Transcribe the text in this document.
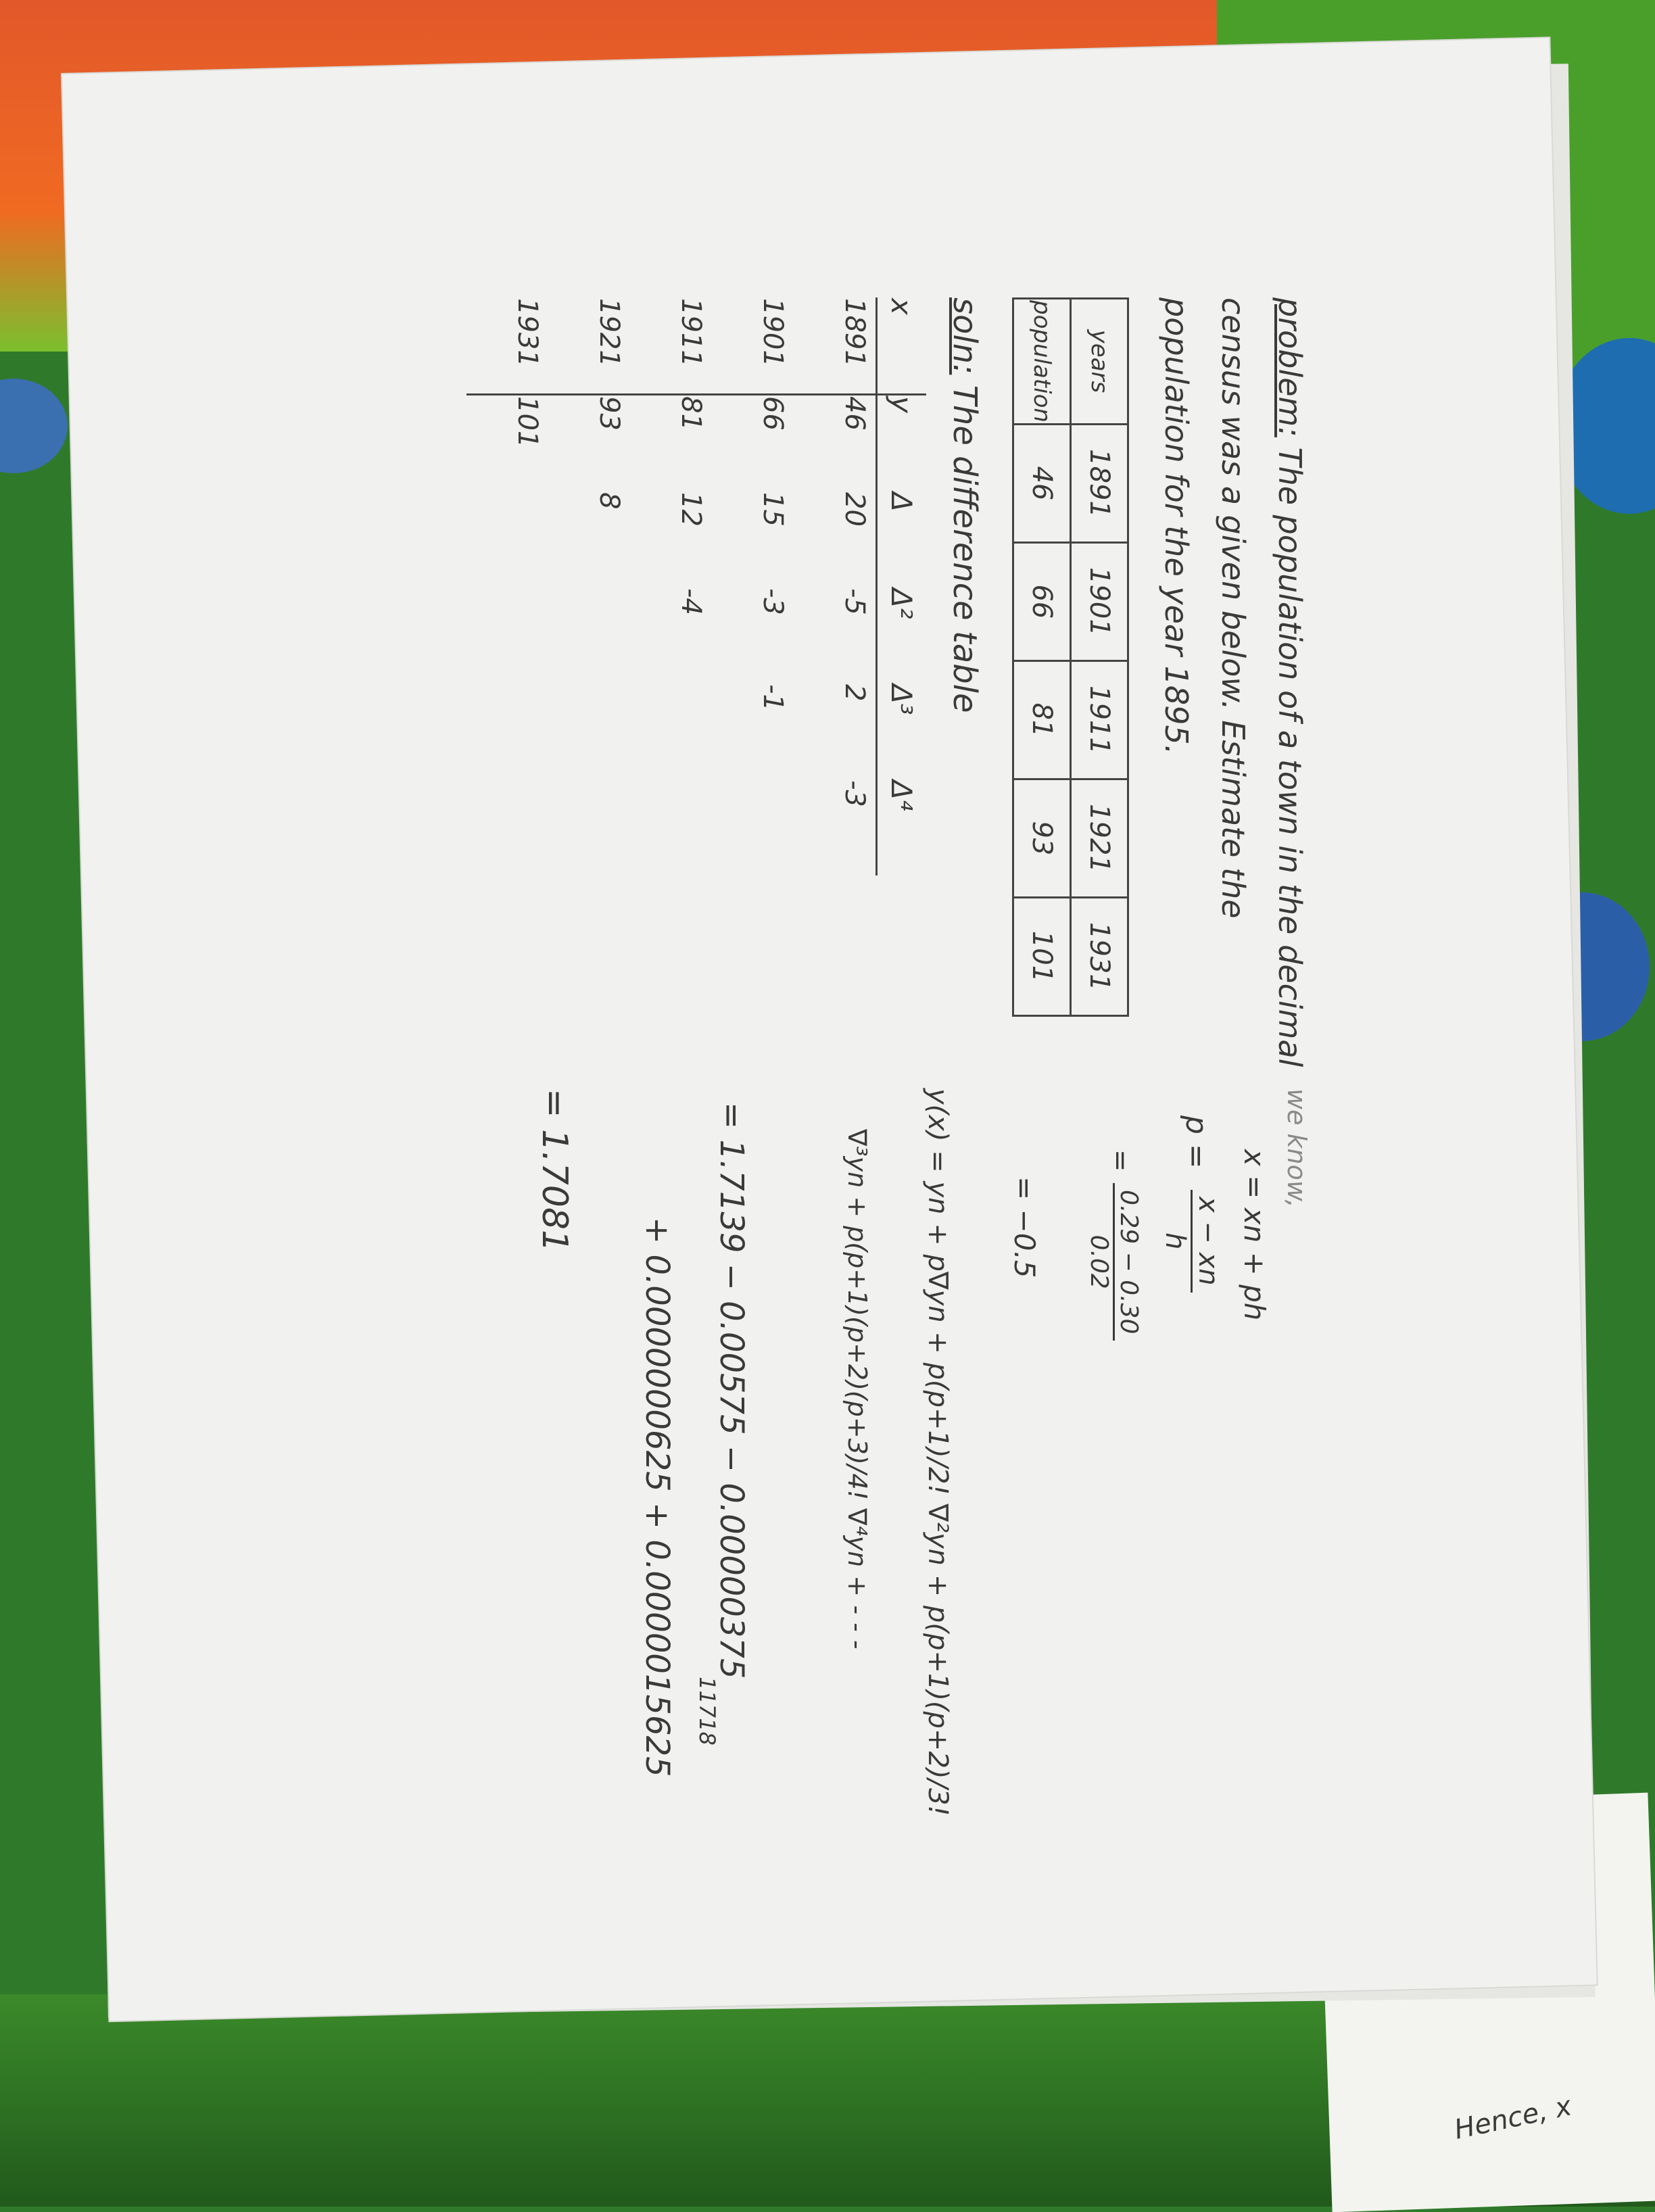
Hence, x
problem: The population of a town in the decimal census was a given below. Estimate the population for the year 1895.
years	1891	1901	1911	1921	1931
population	46	66	81	93	101
soln: The difference table
x	y	Δ	Δ²	Δ³	Δ⁴
1891	46	20	-5	2	-3
1901	66	15	-3	-1	
1911	81	12	-4		
1921	93	8			
1931	101				
we know,
x = xn + ph
p =
x − xn
h
=
0.29 − 0.30
0.02
= −0.5
y(x) = yn + p∇yn + p(p+1)/2! ∇²yn + p(p+1)(p+2)/3!
∇³yn + p(p+1)(p+2)(p+3)/4! ∇⁴yn + - - -
= 1.7139 − 0.00575 − 0.00000375
11718
+ 0.0000000625 + 0.0000015625
= 1.7081
